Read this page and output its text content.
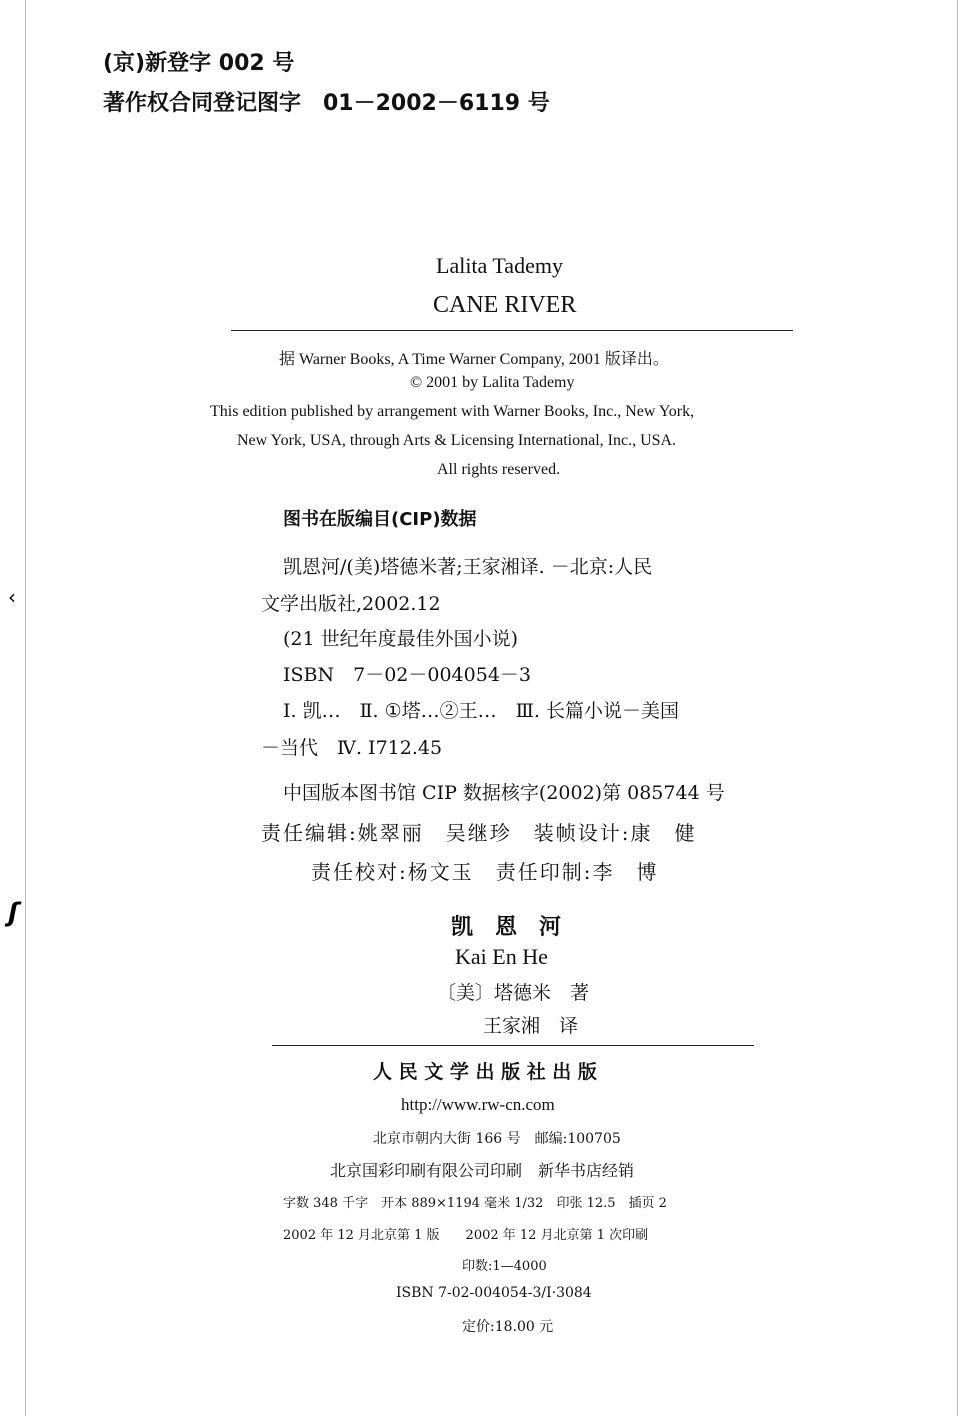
‹
ʃ
(京)新登字 002 号
著作权合同登记图字　01－2002－6119 号
Lalita Tademy
CANE RIVER
据 Warner Books, A Time Warner Company, 2001 版译出。
© 2001 by Lalita Tademy
This edition published by arrangement with Warner Books, Inc., New York,
New York, USA, through Arts & Licensing International, Inc., USA.
All rights reserved.
图书在版编目(CIP)数据
凯恩河/(美)塔德米著;王家湘译. －北京:人民
文学出版社,2002.12
(21 世纪年度最佳外国小说)
ISBN　7－02－004054－3
Ⅰ. 凯…　Ⅱ. ①塔…②王…　Ⅲ. 长篇小说－美国
－当代　Ⅳ. I712.45
中国版本图书馆 CIP 数据核字(2002)第 085744 号
责任编辑:姚翠丽　吴继珍　装帧设计:康　健
责任校对:杨文玉　责任印制:李　博
凯　恩　河
Kai En He
〔美〕塔德米　著
王家湘　译
人 民 文 学 出 版 社 出 版
http://www.rw-cn.com
北京市朝内大街 166 号　邮编:100705
北京国彩印刷有限公司印刷　新华书店经销
字数 348 千字　开本 889×1194 毫米 1/32　印张 12.5　插页 2
2002 年 12 月北京第 1 版　　2002 年 12 月北京第 1 次印刷
印数:1—4000
ISBN 7-02-004054-3/I·3084
定价:18.00 元
